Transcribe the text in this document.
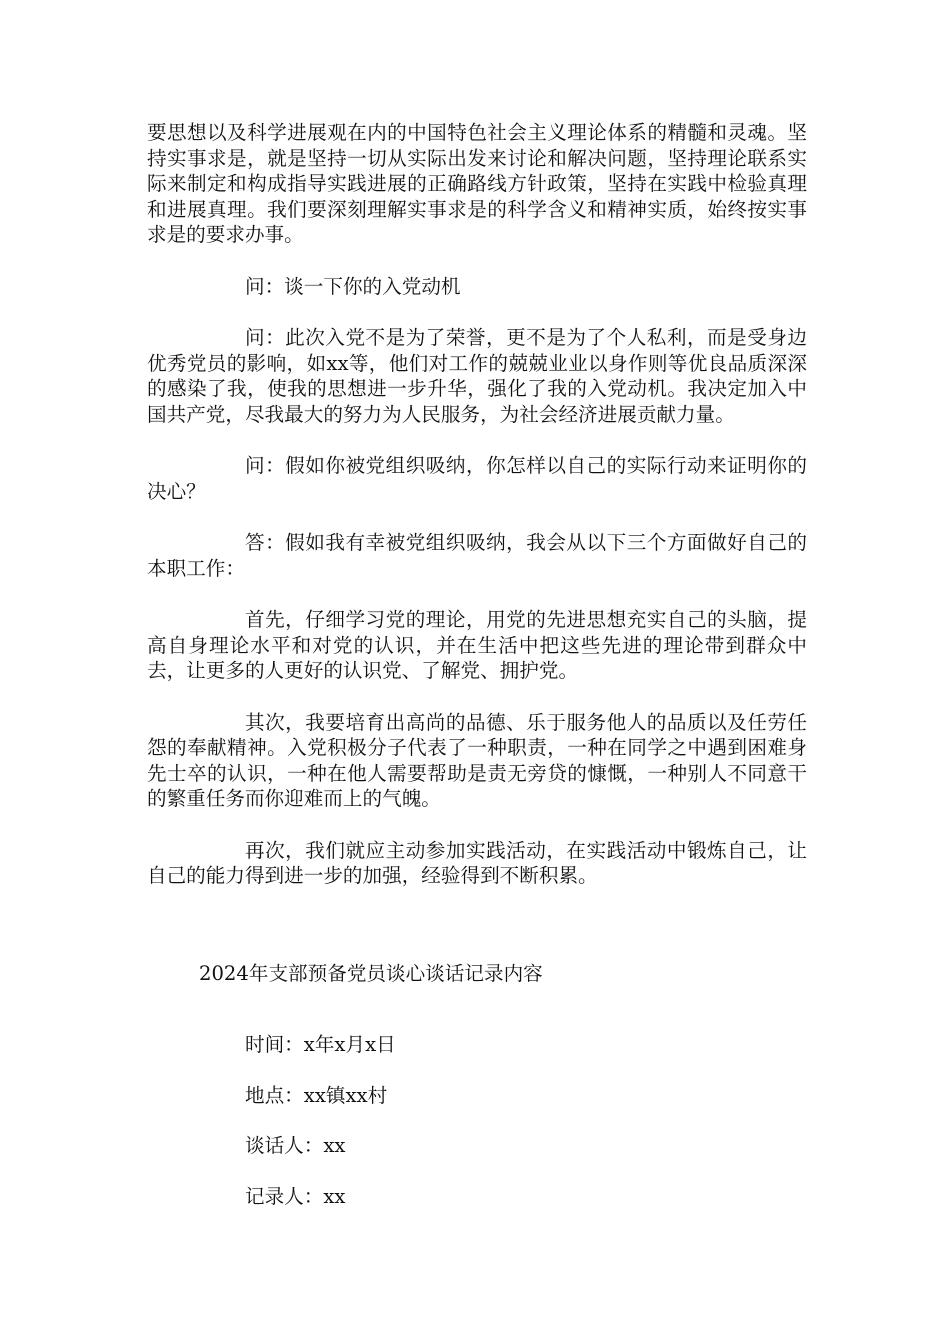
要思想以及科学进展观在内的中国特色社会主义理论体系的精髓和灵魂。坚持实事求是，就是坚持一切从实际出发来讨论和解决问题，坚持理论联系实际来制定和构成指导实践进展的正确路线方针政策，坚持在实践中检验真理和进展真理。我们要深刻理解实事求是的科学含义和精神实质，始终按实事求是的要求办事。

问：谈一下你的入党动机

问：此次入党不是为了荣誉，更不是为了个人私利，而是受身边优秀党员的影响，如xx等，他们对工作的兢兢业业以身作则等优良品质深深的感染了我，使我的思想进一步升华，强化了我的入党动机。我决定加入中国共产党，尽我最大的努力为人民服务，为社会经济进展贡献力量。

问：假如你被党组织吸纳，你怎样以自己的实际行动来证明你的决心？

答：假如我有幸被党组织吸纳，我会从以下三个方面做好自己的本职工作：

首先，仔细学习党的理论，用党的先进思想充实自己的头脑，提高自身理论水平和对党的认识，并在生活中把这些先进的理论带到群众中去，让更多的人更好的认识党、了解党、拥护党。

其次，我要培育出高尚的品德、乐于服务他人的品质以及任劳任怨的奉献精神。入党积极分子代表了一种职责，一种在同学之中遇到困难身先士卒的认识，一种在他人需要帮助是责无旁贷的慷慨，一种别人不同意干的繁重任务而你迎难而上的气魄。

再次，我们就应主动参加实践活动，在实践活动中锻炼自己，让自己的能力得到进一步的加强，经验得到不断积累。

2024年支部预备党员谈心谈话记录内容

时间：x年x月x日

地点：xx镇xx村

谈话人：xx

记录人：xx
